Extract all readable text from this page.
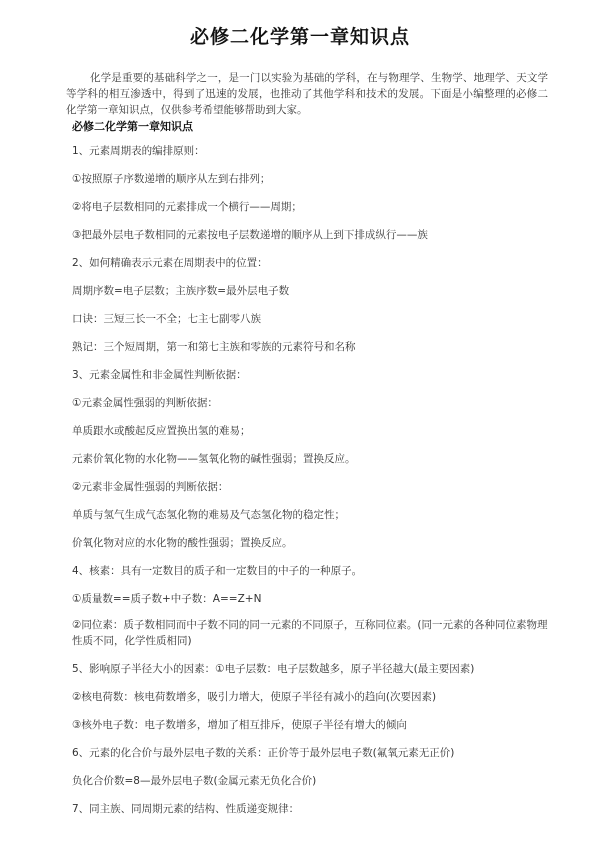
必修二化学第一章知识点
化学是重要的基础科学之一，是一门以实验为基础的学科，在与物理学、生物学、地理学、天文学等学科的相互渗透中，得到了迅速的发展，也推动了其他学科和技术的发展。下面是小编整理的必修二化学第一章知识点，仅供参考希望能够帮助到大家。
必修二化学第一章知识点
1、元素周期表的编排原则：
①按照原子序数递增的顺序从左到右排列；
②将电子层数相同的元素排成一个横行——周期；
③把最外层电子数相同的元素按电子层数递增的顺序从上到下排成纵行——族
2、如何精确表示元素在周期表中的位置：
周期序数=电子层数；主族序数=最外层电子数
口诀：三短三长一不全；七主七副零八族
熟记：三个短周期，第一和第七主族和零族的元素符号和名称
3、元素金属性和非金属性判断依据：
①元素金属性强弱的判断依据：
单质跟水或酸起反应置换出氢的难易；
元素价氧化物的水化物——氢氧化物的碱性强弱；置换反应。
②元素非金属性强弱的判断依据：
单质与氢气生成气态氢化物的难易及气态氢化物的稳定性；
价氧化物对应的水化物的酸性强弱；置换反应。
4、核素：具有一定数目的质子和一定数目的中子的一种原子。
①质量数==质子数+中子数：A==Z+N
②同位素：质子数相同而中子数不同的同一元素的不同原子，互称同位素。(同一元素的各种同位素物理性质不同，化学性质相同)
5、影响原子半径大小的因素：①电子层数：电子层数越多，原子半径越大(最主要因素)
②核电荷数：核电荷数增多，吸引力增大，使原子半径有减小的趋向(次要因素)
③核外电子数：电子数增多，增加了相互排斥，使原子半径有增大的倾向
6、元素的化合价与最外层电子数的关系：正价等于最外层电子数(氟氧元素无正价)
负化合价数=8—最外层电子数(金属元素无负化合价)
7、同主族、同周期元素的结构、性质递变规律：
